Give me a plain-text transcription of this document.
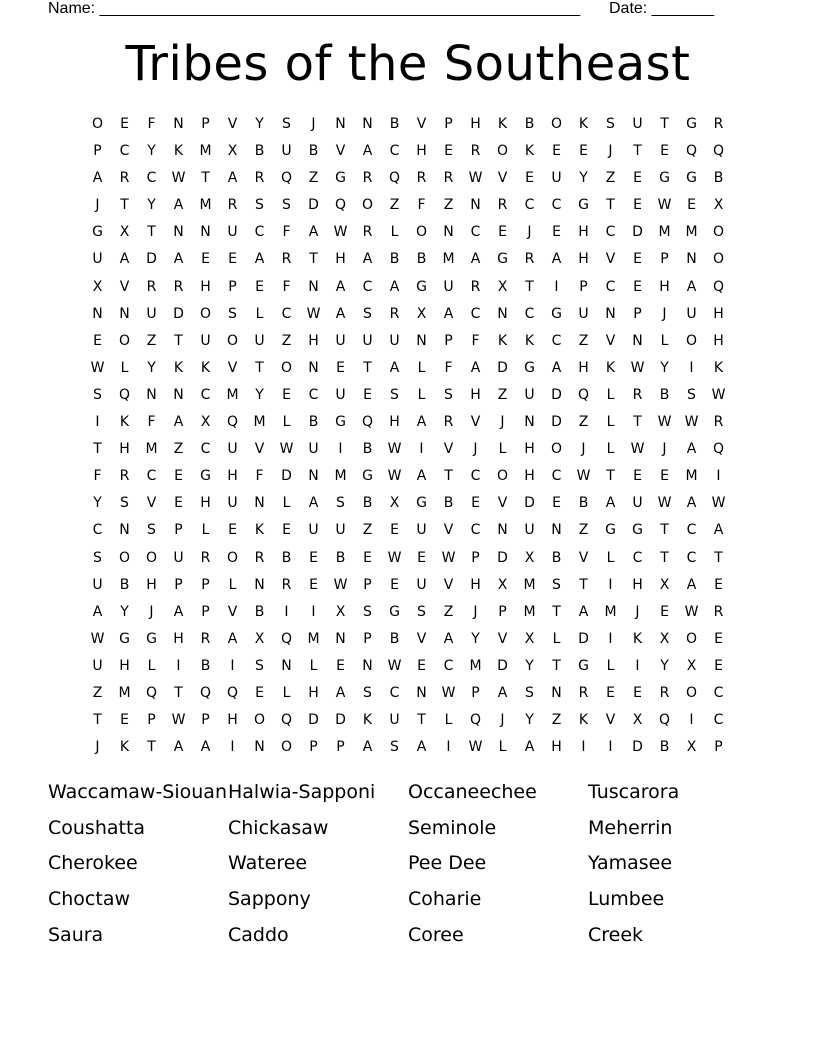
Name: ______________________________________________________ Date: _______
Tribes of the Southeast
O	E	F	N	P	V	Y	S	J	N	N	B	V	P	H	K	B	O	K	S	U	T	G	R
P	C	Y	K	M	X	B	U	B	V	A	C	H	E	R	O	K	E	E	J	T	E	Q	Q
A	R	C	W	T	A	R	Q	Z	G	R	Q	R	R	W	V	E	U	Y	Z	E	G	G	B
J	T	Y	A	M	R	S	S	D	Q	O	Z	F	Z	N	R	C	C	G	T	E	W	E	X
G	X	T	N	N	U	C	F	A	W	R	L	O	N	C	E	J	E	H	C	D	M	M	O
U	A	D	A	E	E	A	R	T	H	A	B	B	M	A	G	R	A	H	V	E	P	N	O
X	V	R	R	H	P	E	F	N	A	C	A	G	U	R	X	T	I	P	C	E	H	A	Q
N	N	U	D	O	S	L	C	W	A	S	R	X	A	C	N	C	G	U	N	P	J	U	H
E	O	Z	T	U	O	U	Z	H	U	U	U	N	P	F	K	K	C	Z	V	N	L	O	H
W	L	Y	K	K	V	T	O	N	E	T	A	L	F	A	D	G	A	H	K	W	Y	I	K
S	Q	N	N	C	M	Y	E	C	U	E	S	L	S	H	Z	U	D	Q	L	R	B	S	W
I	K	F	A	X	Q	M	L	B	G	Q	H	A	R	V	J	N	D	Z	L	T	W W	R
T	H	M	Z	C	U	V	W	U	I	B	W	I	V	J	L	H	O	J	L	W	J	A	Q
F	R	C	E	G	H	F	D	N	M	G	W	A	T	C	O	H	C	W	T	E	E	M	I
Y	S	V	E	H	U	N	L	A	S	B	X	G	B	E	V	D	E	B	A	U	W	A	W
C	N	S	P	L	E	K	E	U	U	Z	E	U	V	C	N	U	N	Z	G	G	T	C	A
S	O	O	U	R	O	R	B	E	B	E	W	E	W	P	D	X	B	V	L	C	T	C	T
U	B	H	P	P	L	N	R	E	W	P	E	U	V	H	X	M	S	T	I	H	X	A	E
A	Y	J	A	P	V	B	I	I	X	S	G	S	Z	J	P	M	T	A	M	J	E	W	R
W	G	G	H	R	A	X	Q	M	N	P	B	V	A	Y	V	X	L	D	I	K	X	O	E
U	H	L	I	B	I	S	N	L	E	N	W	E	C	M	D	Y	T	G	L	I	Y	X	E
Z	M	Q	T	Q	Q	E	L	H	A	S	C	N	W	P	A	S	N	R	E	E	R	O	C
T	E	P	W	P	H	O	Q	D	D	K	U	T	L	Q	J	Y	Z	K	V	X	Q	I	C
J	K	T	A	A	I	N	O	P	P	A	S	A	I	W	L	A	H	I	I	D	B	X	P
Waccamaw-Siouan Halwia-Sapponi	Occaneechee	Tuscarora
Coushatta	Chickasaw	Seminole	Meherrin
Cherokee	Wateree	Pee Dee	Yamasee
Choctaw	Sappony	Coharie	Lumbee
Saura	Caddo	Coree	Creek
